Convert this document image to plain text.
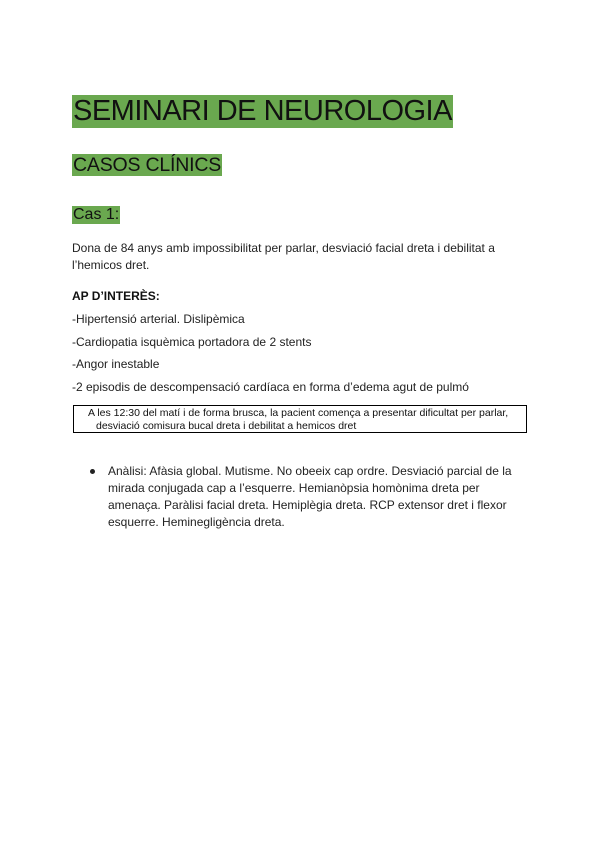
SEMINARI DE NEUROLOGIA
CASOS CLÍNICS
Cas 1:
Dona de 84 anys amb impossibilitat per parlar, desviació facial dreta i debilitat a l’hemicos dret.
AP D’INTERÈS:
-Hipertensió arterial. Dislipèmica
-Cardiopatia isquèmica portadora de 2 stents
-Angor inestable
-2 episodis de descompensació cardíaca en forma d’edema agut de pulmó
A les 12:30 del matí i de forma brusca, la pacient comença a presentar dificultat per parlar, desviació comisura bucal dreta i debilitat a hemicos dret
Anàlisi: Afàsia global. Mutisme. No obeeix cap ordre. Desviació parcial de la mirada conjugada cap a l’esquerre. Hemianòpsia homònima dreta per amenaça. Paràlisi facial dreta. Hemiplègia dreta. RCP extensor dret i flexor esquerre. Heminegligència dreta.
